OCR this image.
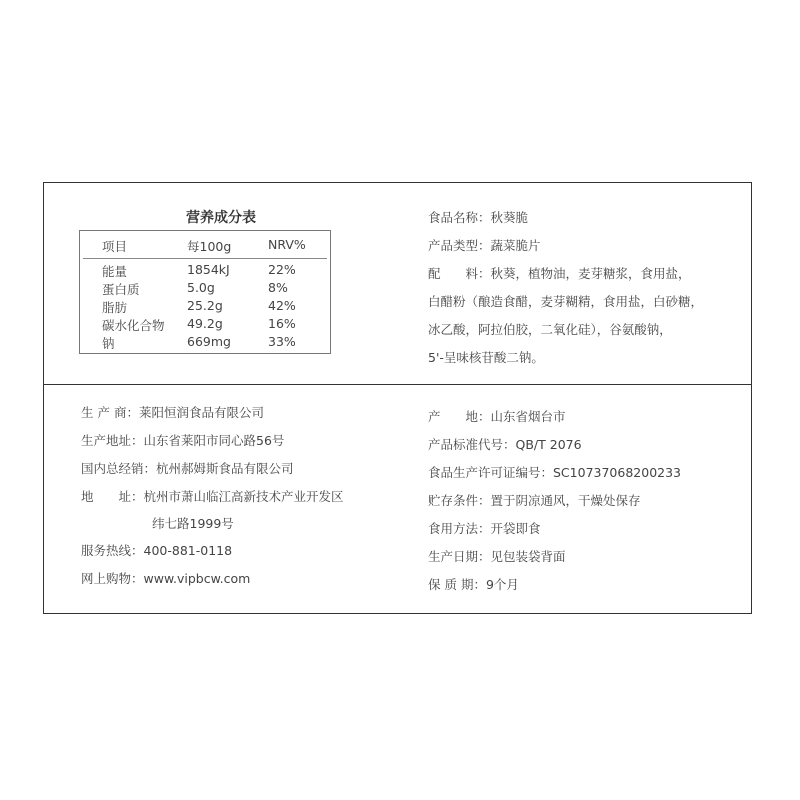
营养成分表
项目	每100g	NRV%
能量	1854kJ	22%
蛋白质	5.0g	8%
脂肪	25.2g	42%
碳水化合物 49.2g	16%
钠	669mg	33%
食品名称：秋葵脆
产品类型：蔬菜脆片
配　　料：秋葵，植物油，麦芽糖浆，食用盐，
白醋粉（酿造食醋，麦芽糊精，食用盐，白砂糖，
冰乙酸，阿拉伯胶，二氧化硅），谷氨酸钠，
5'-呈味核苷酸二钠。
生 产 商：莱阳恒润食品有限公司
生产地址：山东省莱阳市同心路56号
国内总经销：杭州郝姆斯食品有限公司
地　　址：杭州市萧山临江高新技术产业开发区
纬七路1999号
服务热线：400-881-0118
网上购物：www.vipbcw.com
产　　地：山东省烟台市
产品标准代号：QB/T 2076
食品生产许可证编号：SC10737068200233
贮存条件：置于阴凉通风，干燥处保存
食用方法：开袋即食
生产日期：见包装袋背面
保 质 期：9个月
